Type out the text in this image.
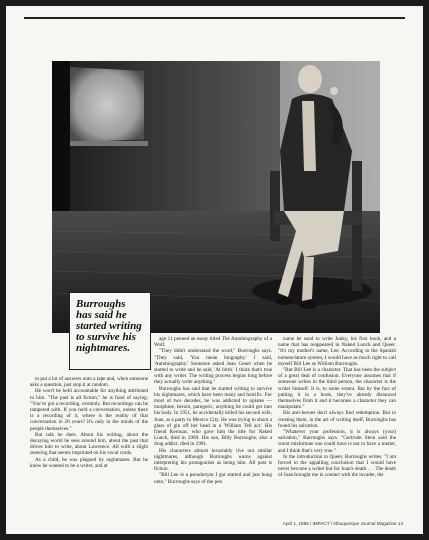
Lou Noble

Burroughs has said he started writing to survive his nightmares.

to put a lot of answers onto a tape and, when someone asks a question, just stop it at random.

He won't be held accountable for anything attributed to him. "The past is all fiction," he is fond of saying. "You've got a recording, certainly. But recordings can be tampered with. If you hold a conversation, unless there is a recording of it, where is the reality of that conversation in 20 years? It's only in the minds of the people themselves."

But talk he does. About his writing, about the decaying world he sees around him, about the past that drives him to write, about Lawrence. All with a slight sneering that seems imprinted on his vocal cords.

As a child, he was plagued by nightmares. But he knew he wanted to be a writer, and at

age 11 penned an essay titled The Autobiography of a Wolf.

"They didn't understand the word," Burroughs says. "They said, 'You mean biography.' I said, 'Autobiography.' Someone asked Jean Genet when he started to write and he said, 'At birth.' I think that's true with any writer. The writing process begins long before they actually write anything."

Burroughs has said that he started writing to survive his nightmares, which have been many and horrific. For most of two decades, he was addicted to opiates — morphine, heroin, paregoric, anything he could get into his body. In 1951, he accidentally killed his second wife, Joan, at a party in Mexico City. He was trying to shoot a glass of gin off her head in a 'William Tell act.' His friend Kerouac, who gave him the title for Naked Lunch, died in 1969. His son, Billy Burroughs, also a drug addict, died in 1981.

His characters almost invariably live out similar nightmares, although Burroughs warns against interpreting his protagonists as being him. All past is fiction.

"Bill Lee is a pseudonym I got started and just hung onto," Burroughs says of the pen

name he used to write Junky, his first book, and a name that has reappeared in Naked Lunch and Queer. "It's my mother's name, Lee. According to the Spanish nomenclature system, I would have as much right to call myself Bill Lee as William Burroughs.

"But Bill Lee is a character. That has been the subject of a great deal of confusion. Everyone assumes that if someone writes in the third person, the character is the writer himself. It is, to some extent. But by the fact of putting it in a book, they've already distanced themselves from it and it becomes a character they can manipulate."

His anti-heroes don't always find redemption. But in creating them, in the act of writing itself, Burroughs has found his salvation.

"Whatever your profession, it is always (your) salvation," Burroughs says. "Gertrude Stein said the worst misfortune one could have is not to have a metier, and I think that's very true."

In the introduction to Queer, Burroughs writes: "I am forced to the appalling conclusion that I would have never become a writer but for Joan's death . . . The death of Joan brought me in contact with the invader, the

April 1, 1986 / IMPACT / Albuquerque Journal Magazine 13
